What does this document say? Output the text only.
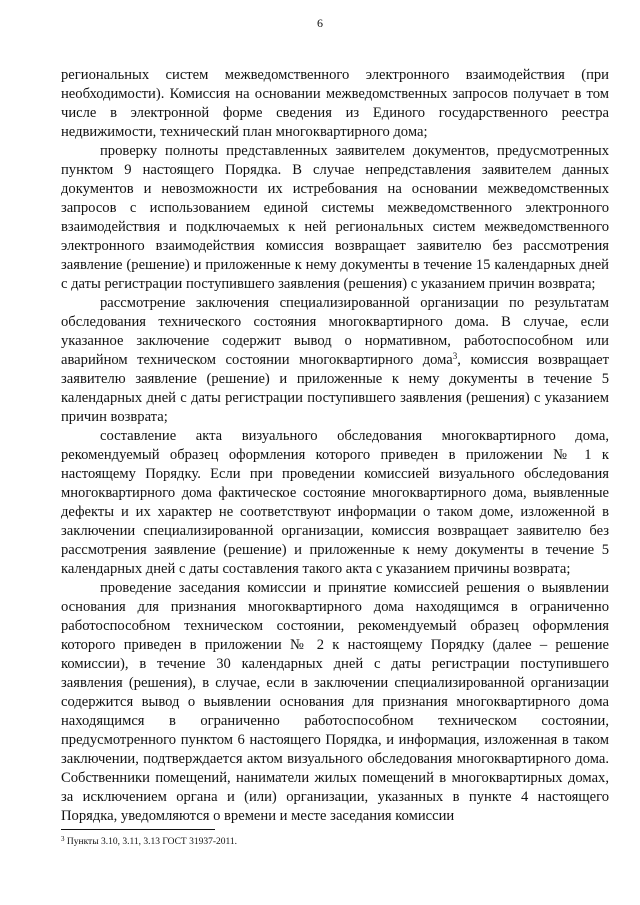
6

региональных систем межведомственного электронного взаимодействия (при необходимости). Комиссия на основании межведомственных запросов получает в том числе в электронной форме сведения из Единого государственного реестра недвижимости, технический план многоквартирного дома;

проверку полноты представленных заявителем документов, предусмотренных пунктом 9 настоящего Порядка. В случае непредставления заявителем данных документов и невозможности их истребования на основании межведомственных запросов с использованием единой системы межведомственного электронного взаимодействия и подключаемых к ней региональных систем межведомственного электронного взаимодействия комиссия возвращает заявителю без рассмотрения заявление (решение) и приложенные к нему документы в течение 15 календарных дней с даты регистрации поступившего заявления (решения) с указанием причин возврата;

рассмотрение заключения специализированной организации по результатам обследования технического состояния многоквартирного дома. В случае, если указанное заключение содержит вывод о нормативном, работоспособном или аварийном техническом состоянии многоквартирного дома$^3$, комиссия возвращает заявителю заявление (решение) и приложенные к нему документы в течение 5 календарных дней с даты регистрации поступившего заявления (решения) с указанием причин возврата;

составление акта визуального обследования многоквартирного дома, рекомендуемый образец оформления которого приведен в приложении № 1 к настоящему Порядку. Если при проведении комиссией визуального обследования многоквартирного дома фактическое состояние многоквартирного дома, выявленные дефекты и их характер не соответствуют информации о таком доме, изложенной в заключении специализированной организации, комиссия возвращает заявителю без рассмотрения заявление (решение) и приложенные к нему документы в течение 5 календарных дней с даты составления такого акта с указанием причины возврата;

проведение заседания комиссии и принятие комиссией решения о выявлении основания для признания многоквартирного дома находящимся в ограниченно работоспособном техническом состоянии, рекомендуемый образец оформления которого приведен в приложении № 2 к настоящему Порядку (далее – решение комиссии), в течение 30 календарных дней с даты регистрации поступившего заявления (решения), в случае, если в заключении специализированной организации содержится вывод о выявлении основания для признания многоквартирного дома находящимся в ограниченно работоспособном техническом состоянии, предусмотренного пунктом 6 настоящего Порядка, и информация, изложенная в таком заключении, подтверждается актом визуального обследования многоквартирного дома. Собственники помещений, наниматели жилых помещений в многоквартирных домах, за исключением органа и (или) организации, указанных в пункте 4 настоящего Порядка, уведомляются о времени и месте заседания комиссии

$^3$ Пункты 3.10, 3.11, 3.13 ГОСТ 31937-2011.
